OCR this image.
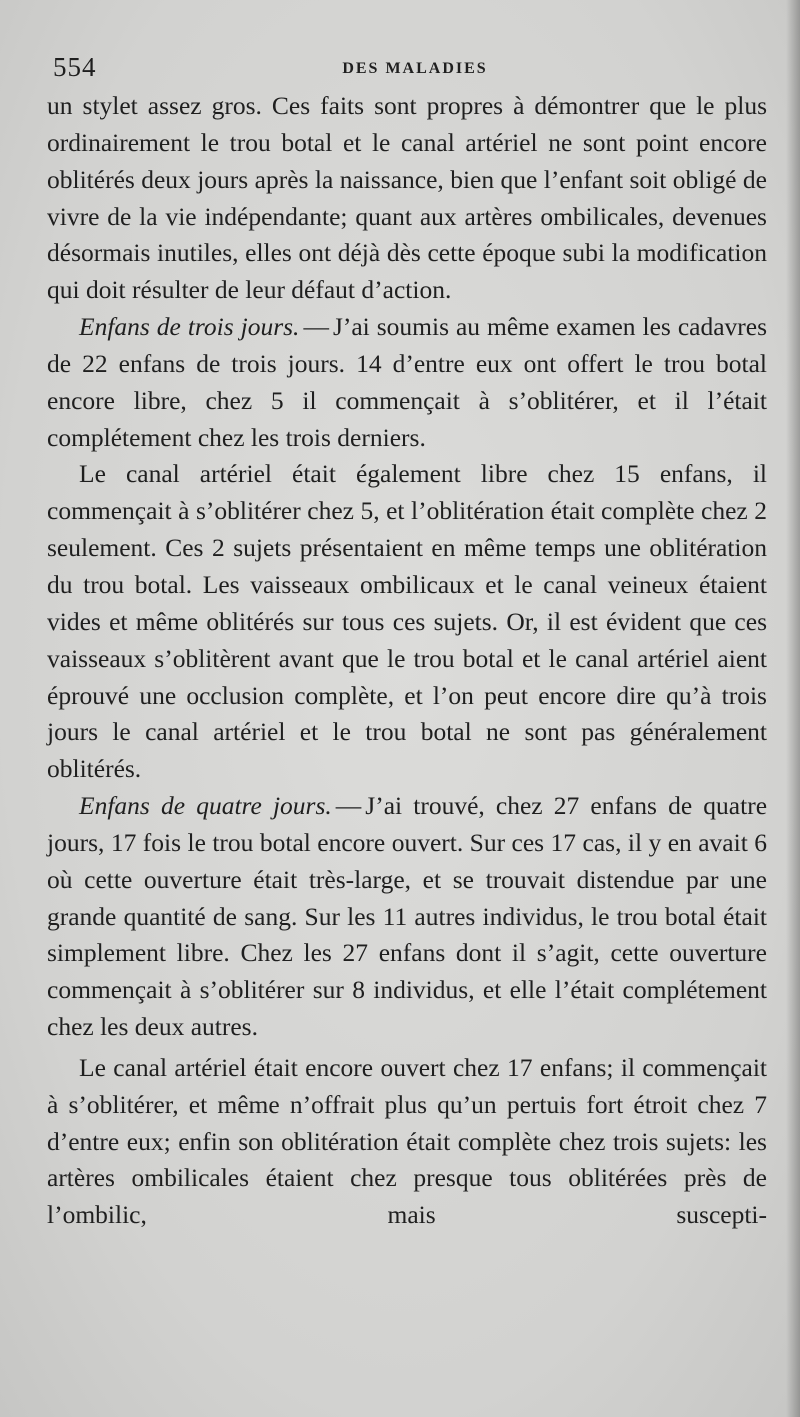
554	DES MALADIES

un stylet assez gros. Ces faits sont propres à démontrer que le plus ordinairement le trou botal et le canal artériel ne sont point encore oblitérés deux jours après la naissance, bien que l’enfant soit obligé de vivre de la vie indépendante; quant aux artères ombilicales, devenues désormais inutiles, elles ont déjà dès cette époque subi la modification qui doit résulter de leur défaut d’action.

Enfans de trois jours. — J’ai soumis au même examen les cadavres de 22 enfans de trois jours. 14 d’entre eux ont offert le trou botal encore libre, chez 5 il commençait à s’oblitérer, et il l’était complétement chez les trois derniers.

Le canal artériel était également libre chez 15 enfans, il commençait à s’oblitérer chez 5, et l’oblitération était complète chez 2 seulement. Ces 2 sujets présentaient en même temps une oblitération du trou botal. Les vaisseaux ombilicaux et le canal veineux étaient vides et même oblitérés sur tous ces sujets. Or, il est évident que ces vaisseaux s’oblitèrent avant que le trou botal et le canal artériel aient éprouvé une occlusion complète, et l’on peut encore dire qu’à trois jours le canal artériel et le trou botal ne sont pas généralement oblitérés.

Enfans de quatre jours. — J’ai trouvé, chez 27 enfans de quatre jours, 17 fois le trou botal encore ouvert. Sur ces 17 cas, il y en avait 6 où cette ouverture était très-large, et se trouvait distendue par une grande quantité de sang. Sur les 11 autres individus, le trou botal était simplement libre. Chez les 27 enfans dont il s’agit, cette ouverture commençait à s’oblitérer sur 8 individus, et elle l’était complétement chez les deux autres.

Le canal artériel était encore ouvert chez 17 enfans; il commençait à s’oblitérer, et même n’offrait plus qu’un pertuis fort étroit chez 7 d’entre eux; enfin son oblitération était complète chez trois sujets: les artères ombilicales étaient chez presque tous oblitérées près de l’ombilic, mais suscepti-
